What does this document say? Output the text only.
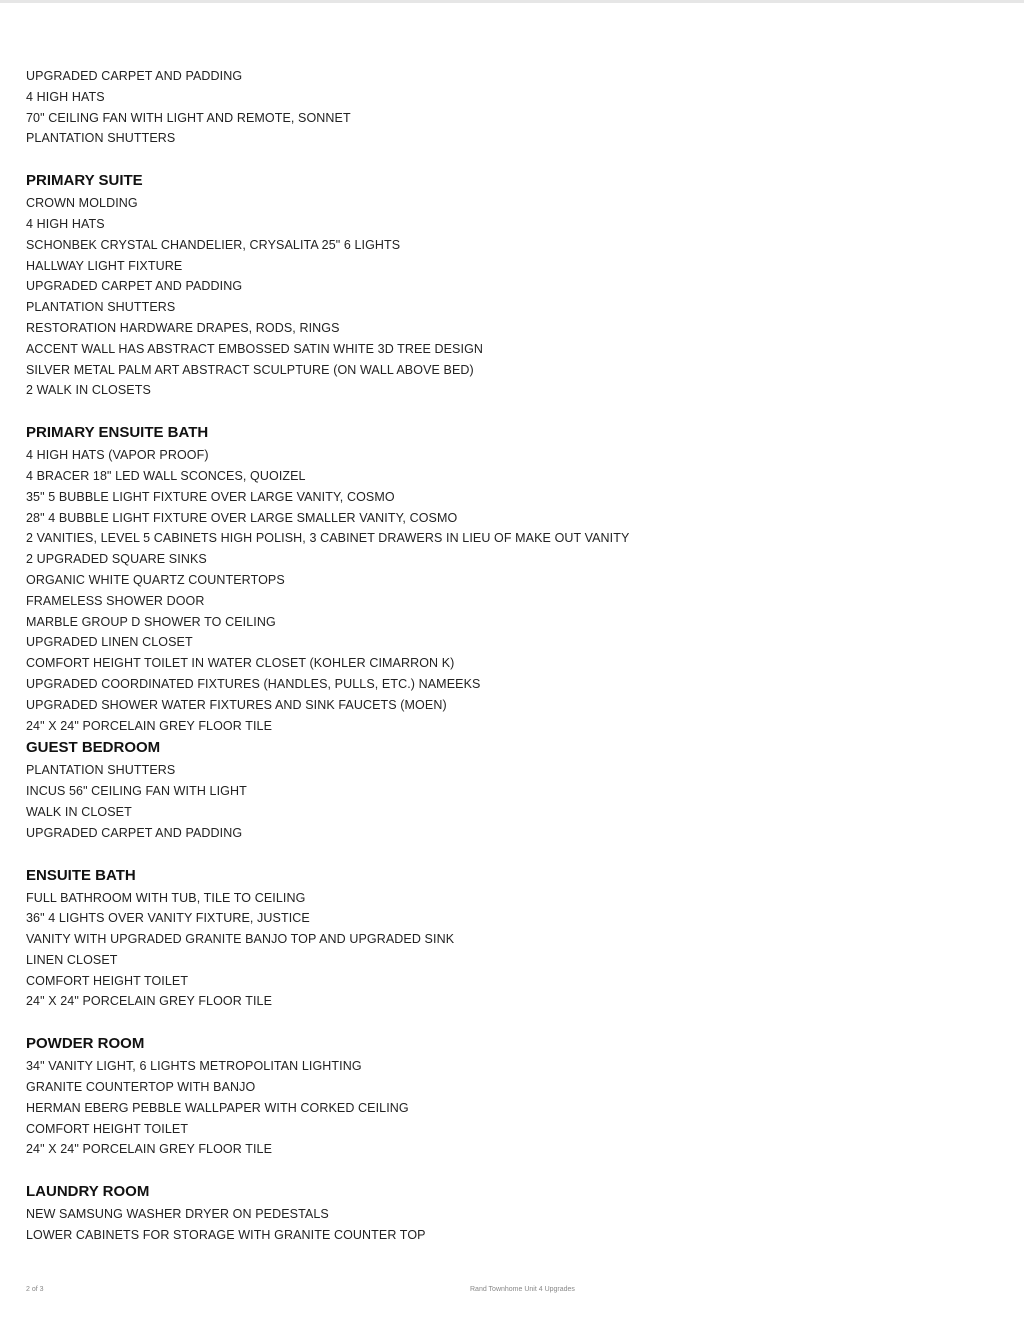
UPGRADED CARPET AND PADDING
4 HIGH HATS
70" CEILING FAN WITH LIGHT AND REMOTE, SONNET
PLANTATION SHUTTERS
PRIMARY SUITE
CROWN MOLDING
4 HIGH HATS
SCHONBEK CRYSTAL CHANDELIER, CRYSALITA 25" 6 LIGHTS
HALLWAY LIGHT FIXTURE
UPGRADED CARPET AND PADDING
PLANTATION SHUTTERS
RESTORATION HARDWARE DRAPES, RODS, RINGS
ACCENT WALL HAS ABSTRACT EMBOSSED SATIN WHITE 3D TREE DESIGN
SILVER METAL PALM ART ABSTRACT SCULPTURE (ON WALL ABOVE BED)
2 WALK IN CLOSETS
PRIMARY ENSUITE BATH
4 HIGH HATS (VAPOR PROOF)
4 BRACER 18" LED WALL SCONCES, QUOIZEL
35" 5 BUBBLE LIGHT FIXTURE OVER LARGE VANITY, COSMO
28" 4 BUBBLE LIGHT FIXTURE OVER LARGE SMALLER VANITY, COSMO
2 VANITIES, LEVEL 5 CABINETS HIGH POLISH, 3 CABINET DRAWERS IN LIEU OF MAKE OUT VANITY
2 UPGRADED SQUARE SINKS
ORGANIC WHITE QUARTZ COUNTERTOPS
FRAMELESS SHOWER DOOR
MARBLE GROUP D SHOWER TO CEILING
UPGRADED LINEN CLOSET
COMFORT HEIGHT TOILET IN WATER CLOSET (KOHLER CIMARRON K)
UPGRADED COORDINATED FIXTURES (HANDLES, PULLS, ETC.) NAMEEKS
UPGRADED SHOWER WATER FIXTURES AND SINK FAUCETS (MOEN)
24" X 24" PORCELAIN GREY FLOOR TILE
GUEST BEDROOM
PLANTATION SHUTTERS
INCUS 56" CEILING FAN WITH LIGHT
WALK IN CLOSET
UPGRADED CARPET AND PADDING
ENSUITE BATH
FULL BATHROOM WITH TUB, TILE TO CEILING
36" 4 LIGHTS OVER VANITY FIXTURE, JUSTICE
VANITY WITH UPGRADED GRANITE BANJO TOP AND UPGRADED SINK
LINEN CLOSET
COMFORT HEIGHT TOILET
24" X 24" PORCELAIN GREY FLOOR TILE
POWDER ROOM
34" VANITY LIGHT, 6 LIGHTS METROPOLITAN LIGHTING
GRANITE COUNTERTOP WITH BANJO
HERMAN EBERG PEBBLE WALLPAPER WITH CORKED CEILING
COMFORT HEIGHT TOILET
24" X 24" PORCELAIN GREY FLOOR TILE
LAUNDRY ROOM
NEW SAMSUNG WASHER DRYER ON PEDESTALS
LOWER CABINETS FOR STORAGE WITH GRANITE COUNTER TOP
2 of 3	Rand Townhome Unit 4 Upgrades
